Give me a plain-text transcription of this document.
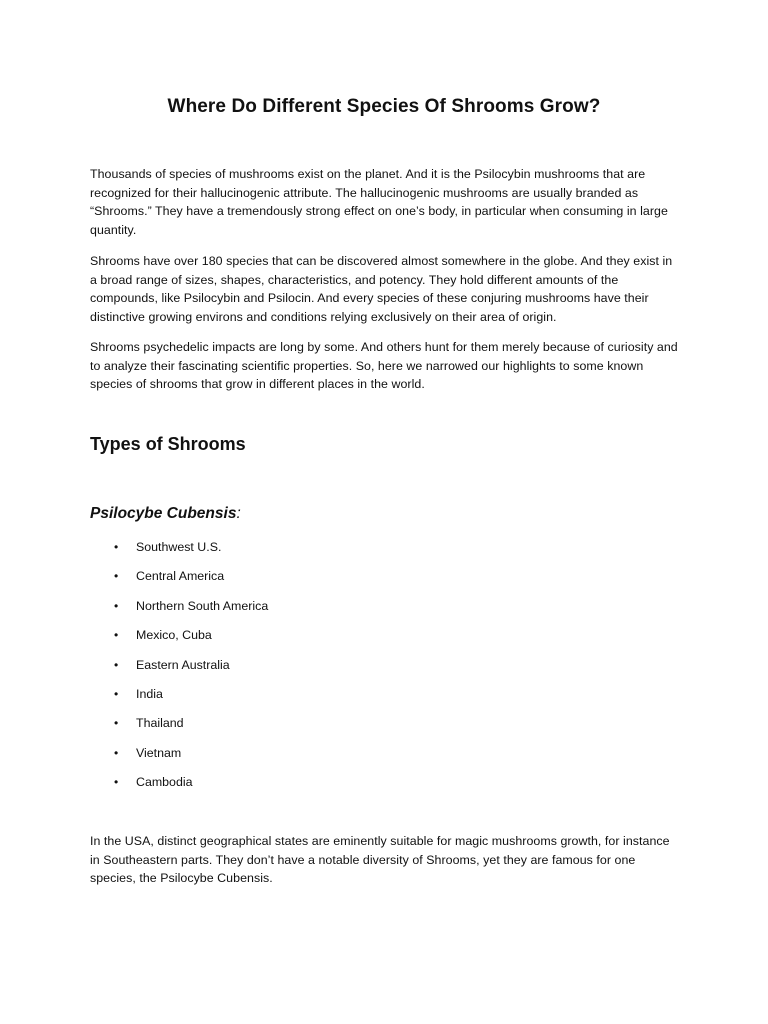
Where Do Different Species Of Shrooms Grow?

Thousands of species of mushrooms exist on the planet. And it is the Psilocybin mushrooms that are recognized for their hallucinogenic attribute. The hallucinogenic mushrooms are usually branded as “Shrooms.” They have a tremendously strong effect on one’s body, in particular when consuming in large quantity.

Shrooms have over 180 species that can be discovered almost somewhere in the globe. And they exist in a broad range of sizes, shapes, characteristics, and potency. They hold different amounts of the compounds, like Psilocybin and Psilocin. And every species of these conjuring mushrooms have their distinctive growing environs and conditions relying exclusively on their area of origin.

Shrooms psychedelic impacts are long by some. And others hunt for them merely because of curiosity and to analyze their fascinating scientific properties. So, here we narrowed our highlights to some known species of shrooms that grow in different places in the world.

Types of Shrooms
Psilocybe Cubensis:
•	Southwest U.S.
•	Central America
•	Northern South America
•	Mexico, Cuba
•	Eastern Australia
•	India
•	Thailand
•	Vietnam
•	Cambodia

In the USA, distinct geographical states are eminently suitable for magic mushrooms growth, for instance in Southeastern parts. They don’t have a notable diversity of Shrooms, yet they are famous for one species, the Psilocybe Cubensis.
